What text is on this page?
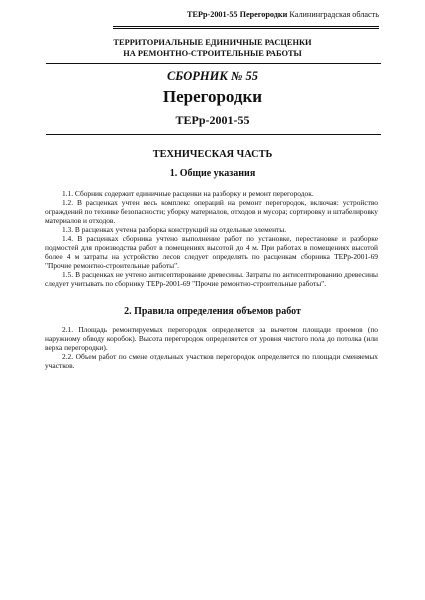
ТЕРр-2001-55 Перегородки Калининградская область
ТЕРРИТОРИАЛЬНЫЕ ЕДИНИЧНЫЕ РАСЦЕНКИ
НА РЕМОНТНО-СТРОИТЕЛЬНЫЕ РАБОТЫ
СБОРНИК № 55
Перегородки
ТЕРр-2001-55
ТЕХНИЧЕСКАЯ ЧАСТЬ
1. Общие указания

1.1. Сборник содержит единичные расценки на разборку и ремонт перегородок.

1.2. В расценках учтен весь комплекс операций на ремонт перегородок, включая: устройство ограждений по технике безопасности; уборку материалов, отходов и мусора; сортировку и штабелировку материалов и отходов.

1.3. В расценках учтена разборка конструкций на отдельные элементы.

1.4. В расценках сборника учтено выполнение работ по установке, перестановке и разборке подмостей для производства работ в помещениях высотой до 4 м. При работах в помещениях высотой более 4 м затраты на устройство лесов следует определять по расценкам сборника ТЕРр-2001-69 "Прочие ремонтно-строительные работы".

1.5. В расценках не учтено антисептирование древесины. Затраты по антисептированию древесины следует учитывать по сборнику ТЕРр-2001-69 "Прочие ремонтно-строительные работы".

2. Правила определения объемов работ

2.1. Площадь ремонтируемых перегородок определяется за вычетом площади проемов (по наружному обводу коробок). Высота перегородок определяется от уровня чистого пола до потолка (или верха перегородки).

2.2. Объем работ по смене отдельных участков перегородок определяется по площади сменяемых участков.
